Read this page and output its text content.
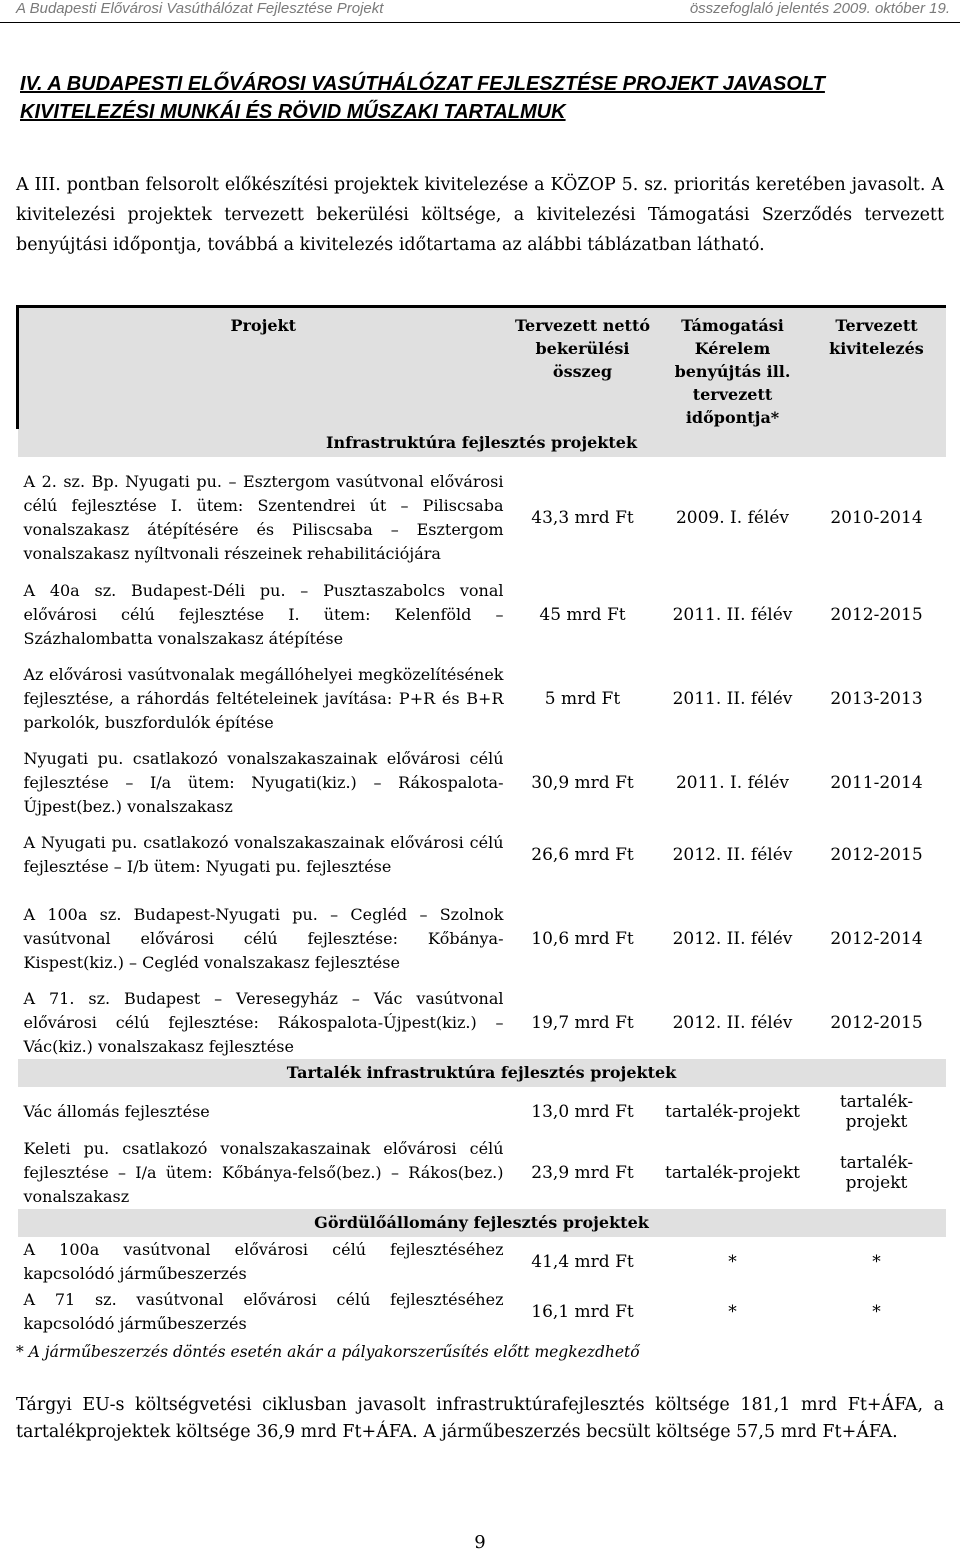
A Budapesti Elővárosi Vasúthálózat Fejlesztése Projekt	összefoglaló jelentés 2009. október 19.
IV. A BUDAPESTI ELŐVÁROSI VASÚTHÁLÓZAT FEJLESZTÉSE PROJEKT JAVASOLT KIVITELEZÉSI MUNKÁI ÉS RÖVID MŰSZAKI TARTALMUK
A III. pontban felsorolt előkészítési projektek kivitelezése a KÖZOP 5. sz. prioritás keretében javasolt. A kivitelezési projektek tervezett bekerülési költsége, a kivitelezési Támogatási Szerződés tervezett benyújtási időpontja, továbbá a kivitelezés időtartama az alábbi táblázatban látható.
Projekt	Tervezett nettó bekerülési összeg	Támogatási Kérelem benyújtás ill. tervezett időpontja*	Tervezett kivitelezés
Infrastruktúra fejlesztés projektek			
A 2. sz. Bp. Nyugati pu. – Esztergom vasútvonal elővárosi célú fejlesztése I. ütem: Szentendrei út – Piliscsaba vonalszakasz átépítésére és Piliscsaba – Esztergom vonalszakasz nyíltvonali részeinek rehabilitációjára	43,3 mrd Ft	2009. I. félév	2010-2014
A 40a sz. Budapest-Déli pu. – Pusztaszabolcs vonal elővárosi célú fejlesztése I. ütem: Kelenföld – Százhalombatta vonalszakasz átépítése	45 mrd Ft	2011. II. félév	2012-2015
Az elővárosi vasútvonalak megállóhelyei megközelítésének fejlesztése, a ráhordás feltételeinek javítása: P+R és B+R parkolók, buszfordulók építése	5 mrd Ft	2011. II. félév	2013-2013
Nyugati pu. csatlakozó vonalszakaszainak elővárosi célú fejlesztése – I/a ütem: Nyugati(kiz.) – Rákospalota-Újpest(bez.) vonalszakasz	30,9 mrd Ft	2011. I. félév	2011-2014
A Nyugati pu. csatlakozó vonalszakaszainak elővárosi célú fejlesztése – I/b ütem: Nyugati pu. fejlesztése	26,6 mrd Ft	2012. II. félév	2012-2015
A 100a sz. Budapest-Nyugati pu. – Cegléd – Szolnok vasútvonal elővárosi célú fejlesztése: Kőbánya-Kispest(kiz.) – Cegléd vonalszakasz fejlesztése	10,6 mrd Ft	2012. II. félév	2012-2014
A 71. sz. Budapest – Veresegyház – Vác vasútvonal elővárosi célú fejlesztése: Rákospalota-Újpest(kiz.) – Vác(kiz.) vonalszakasz fejlesztése	19,7 mrd Ft	2012. II. félév	2012-2015
Tartalék infrastruktúra fejlesztés projektek			
Vác állomás fejlesztése	13,0 mrd Ft	tartalék-projekt	tartalék-projekt
Keleti pu. csatlakozó vonalszakaszainak elővárosi célú fejlesztése – I/a ütem: Kőbánya-felső(bez.) – Rákos(bez.) vonalszakasz	23,9 mrd Ft	tartalék-projekt	tartalék-projekt
Gördülőállomány fejlesztés projektek			
A 100a vasútvonal elővárosi célú fejlesztéséhez kapcsolódó járműbeszerzés	41,4 mrd Ft	*	*
A 71 sz. vasútvonal elővárosi célú fejlesztéséhez kapcsolódó járműbeszerzés	16,1 mrd Ft	*	*
* A járműbeszerzés döntés esetén akár a pályakorszerűsítés előtt megkezdhető
Tárgyi EU-s költségvetési ciklusban javasolt infrastruktúrafejlesztés költsége 181,1 mrd Ft+ÁFA, a tartalékprojektek költsége 36,9 mrd Ft+ÁFA. A járműbeszerzés becsült költsége 57,5 mrd Ft+ÁFA.
9
